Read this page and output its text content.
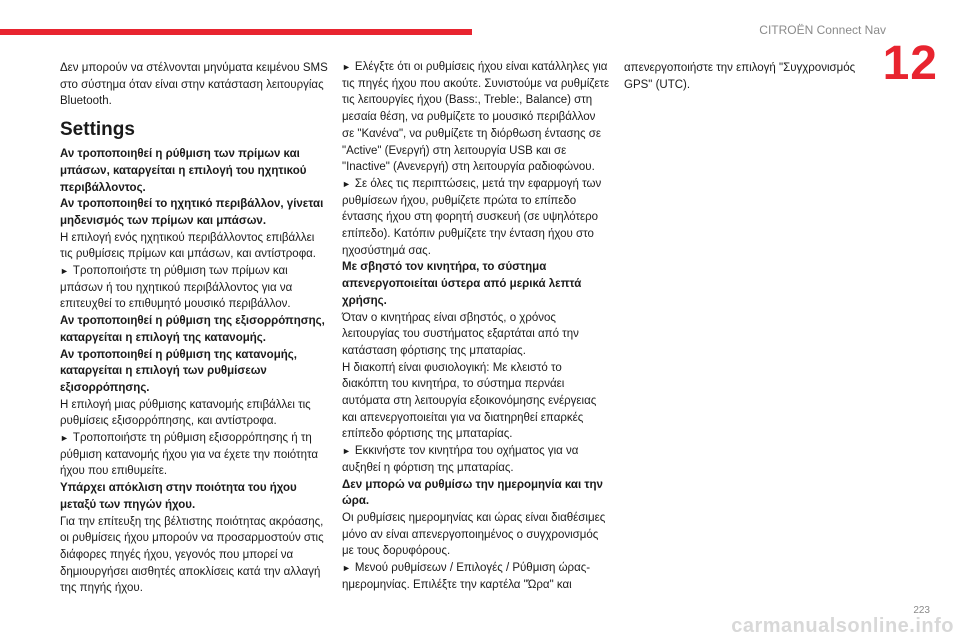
CITROËN Connect Nav
12

Δεν μπορούν να στέλνονται μηνύματα κειμένου SMS στο σύστημα όταν είναι στην κατάσταση λειτουργίας Bluetooth.

Settings

Αν τροποποιηθεί η ρύθμιση των πρίμων και μπάσων, καταργείται η επιλογή του ηχητικού περιβάλλοντος.

Αν τροποποιηθεί το ηχητικό περιβάλλον, γίνεται μηδενισμός των πρίμων και μπάσων.

Η επιλογή ενός ηχητικού περιβάλλοντος επιβάλλει τις ρυθμίσεις πρίμων και μπάσων, και αντίστροφα.

► Τροποποιήστε τη ρύθμιση των πρίμων και μπάσων ή του ηχητικού περιβάλλοντος για να επιτευχθεί το επιθυμητό μουσικό περιβάλλον.

Αν τροποποιηθεί η ρύθμιση της εξισορρόπησης, καταργείται η επιλογή της κατανομής.

Αν τροποποιηθεί η ρύθμιση της κατανομής, καταργείται η επιλογή των ρυθμίσεων εξισορρόπησης.

Η επιλογή μιας ρύθμισης κατανομής επιβάλλει τις ρυθμίσεις εξισορρόπησης, και αντίστροφα.

► Τροποποιήστε τη ρύθμιση εξισορρόπησης ή τη ρύθμιση κατανομής ήχου για να έχετε την ποιότητα ήχου που επιθυμείτε.

Υπάρχει απόκλιση στην ποιότητα του ήχου μεταξύ των πηγών ήχου.

Για την επίτευξη της βέλτιστης ποιότητας ακρόασης, οι ρυθμίσεις ήχου μπορούν να προσαρμοστούν στις διάφορες πηγές ήχου, γεγονός που μπορεί να δημιουργήσει αισθητές αποκλίσεις κατά την αλλαγή της πηγής ήχου.

► Ελέγξτε ότι οι ρυθμίσεις ήχου είναι κατάλληλες για τις πηγές ήχου που ακούτε. Συνιστούμε να ρυθμίζετε τις λειτουργίες ήχου (Bass:, Treble:, Balance) στη μεσαία θέση, να ρυθμίζετε το μουσικό περιβάλλον σε "Κανένα", να ρυθμίζετε τη διόρθωση έντασης σε "Active" (Ενεργή) στη λειτουργία USB και σε "Inactive" (Ανενεργή) στη λειτουργία ραδιοφώνου.

► Σε όλες τις περιπτώσεις, μετά την εφαρμογή των ρυθμίσεων ήχου, ρυθμίζετε πρώτα το επίπεδο έντασης ήχου στη φορητή συσκευή (σε υψηλότερο επίπεδο). Κατόπιν ρυθμίζετε την ένταση ήχου στο ηχοσύστημά σας.

Με σβηστό τον κινητήρα, το σύστημα απενεργοποιείται ύστερα από μερικά λεπτά χρήσης.

Όταν ο κινητήρας είναι σβηστός, ο χρόνος λειτουργίας του συστήματος εξαρτάται από την κατάσταση φόρτισης της μπαταρίας.

Η διακοπή είναι φυσιολογική: Με κλειστό το διακόπτη του κινητήρα, το σύστημα περνάει αυτόματα στη λειτουργία εξοικονόμησης ενέργειας και απενεργοποιείται για να διατηρηθεί επαρκές επίπεδο φόρτισης της μπαταρίας.

► Εκκινήστε τον κινητήρα του οχήματος για να αυξηθεί η φόρτιση της μπαταρίας.

Δεν μπορώ να ρυθμίσω την ημερομηνία και την ώρα.

Οι ρυθμίσεις ημερομηνίας και ώρας είναι διαθέσιμες μόνο αν είναι απενεργοποιημένος ο συγχρονισμός με τους δορυφόρους.

► Μενού ρυθμίσεων / Επιλογές / Ρύθμιση ώρας-ημερομηνίας. Επιλέξτε την καρτέλα "Ώρα" και

απενεργοποιήστε την επιλογή "Συγχρονισμός GPS" (UTC).

223
carmanualsonline.info
